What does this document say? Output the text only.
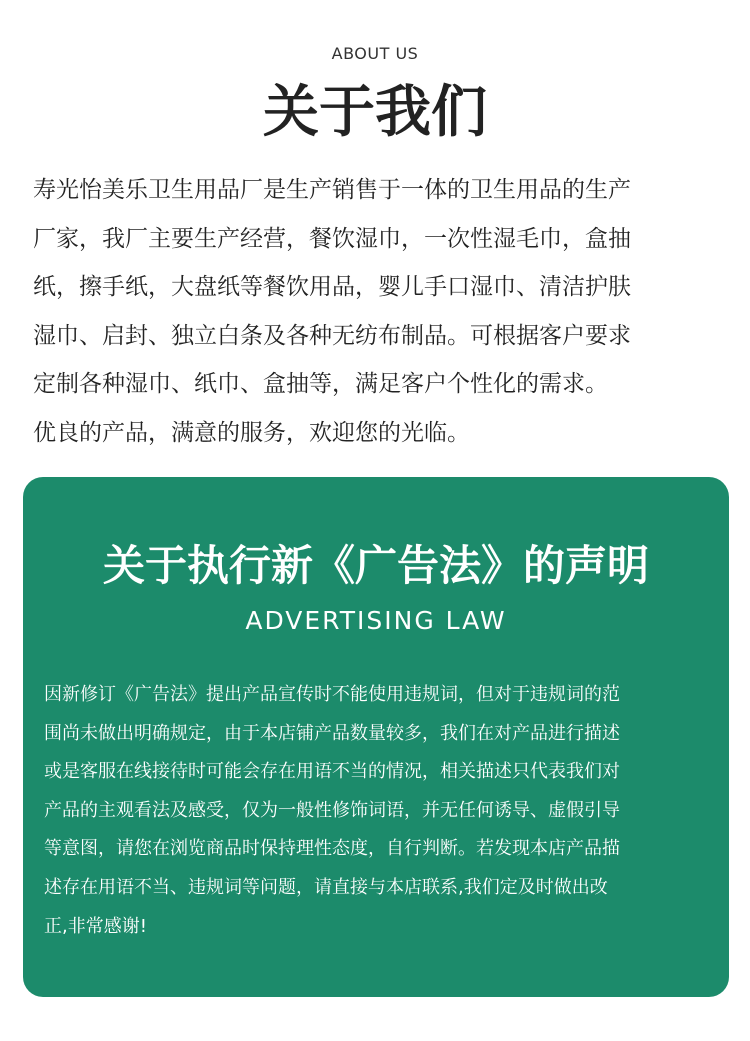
ABOUT US
关于我们
寿光怡美乐卫生用品厂是生产销售于一体的卫生用品的生产
厂家，我厂主要生产经营，餐饮湿巾，一次性湿毛巾，盒抽
纸，擦手纸，大盘纸等餐饮用品，婴儿手口湿巾、清洁护肤
湿巾、启封、独立白条及各种无纺布制品。可根据客户要求
定制各种湿巾、纸巾、盒抽等，满足客户个性化的需求。
优良的产品，满意的服务，欢迎您的光临。
关于执行新《广告法》的声明
ADVERTISING LAW
因新修订《广告法》提出产品宣传时不能使用违规词，但对于违规词的范
围尚未做出明确规定，由于本店铺产品数量较多，我们在对产品进行描述
或是客服在线接待时可能会存在用语不当的情况，相关描述只代表我们对
产品的主观看法及感受，仅为一般性修饰词语，并无任何诱导、虚假引导
等意图，请您在浏览商品时保持理性态度，自行判断。若发现本店产品描
述存在用语不当、违规词等问题，请直接与本店联系,我们定及时做出改
正,非常感谢!
